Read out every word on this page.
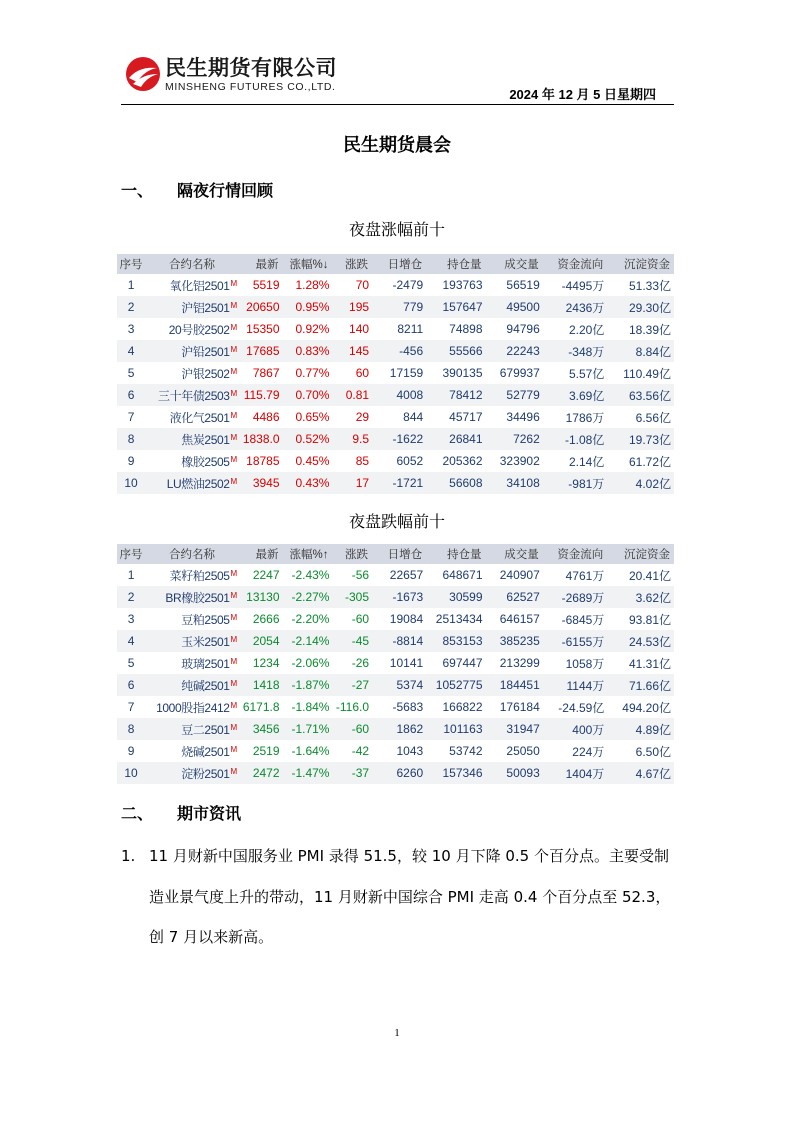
民生期货有限公司
MINSHENG FUTURES CO.,LTD.	2024 年 12 月 5 日星期四
民生期货晨会
一、 隔夜行情回顾
夜盘涨幅前十
序号	合约名称	最新	涨幅%↓	涨跌	日增仓	持仓量	成交量	资金流向	沉淀资金
1	氧化铝$2501^M$	5519	1.28%	70	-2479	193763	56519	-4495万	51.33亿
2	沪铝$2501^M$	20650	0.95%	195	779	157647	49500	2436万	29.30亿
3	20号胶$2502^M$	15350	0.92%	140	8211	74898	94796	2.20亿	18.39亿
4	沪铅$2501^M$	17685	0.83%	145	-456	55566	22243	-348万	8.84亿
5	沪银$2502^M$	7867	0.77%	60	17159	390135	679937	5.57亿	110.49亿
6	三十年债$2503^M$	115.79	0.70%	0.81	4008	78412	52779	3.69亿	63.56亿
7	液化气$2501^M$	4486	0.65%	29	844	45717	34496	1786万	6.56亿
8	焦炭$2501^M$	1838.0	0.52%	9.5	-1622	26841	7262	-1.08亿	19.73亿
9	橡胶$2505^M$	18785	0.45%	85	6052	205362	323902	2.14亿	61.72亿
10	LU燃油$2502^M$	3945	0.43%	17	-1721	56608	34108	-981万	4.02亿
夜盘跌幅前十
序号	合约名称	最新	涨幅%↑	涨跌	日增仓	持仓量	成交量	资金流向	沉淀资金
1	菜籽粕$2505^M$	2247	-2.43%	-56	22657	648671	240907	4761万	20.41亿
2	BR橡胶$2501^M$	13130	-2.27%	-305	-1673	30599	62527	-2689万	3.62亿
3	豆粕$2505^M$	2666	-2.20%	-60	19084	2513434	646157	-6845万	93.81亿
4	玉米$2501^M$	2054	-2.14%	-45	-8814	853153	385235	-6155万	24.53亿
5	玻璃$2501^M$	1234	-2.06%	-26	10141	697447	213299	1058万	41.31亿
6	纯碱$2501^M$	1418	-1.87%	-27	5374	1052775	184451	1144万	71.66亿
7	1000股指$2412^M$	6171.8	-1.84%	-116.0	-5683	166822	176184	-24.59亿	494.20亿
8	豆二$2501^M$	3456	-1.71%	-60	1862	101163	31947	400万	4.89亿
9	烧碱$2501^M$	2519	-1.64%	-42	1043	53742	25050	224万	6.50亿
10	淀粉$2501^M$	2472	-1.47%	-37	6260	157346	50093	1404万	4.67亿
二、 期市资讯
1. 11 月财新中国服务业 PMI 录得 51.5，较 10 月下降 0.5 个百分点。主要受制造业景气度上升的带动，11 月财新中国综合 PMI 走高 0.4 个百分点至 52.3，创 7 月以来新高。
1
